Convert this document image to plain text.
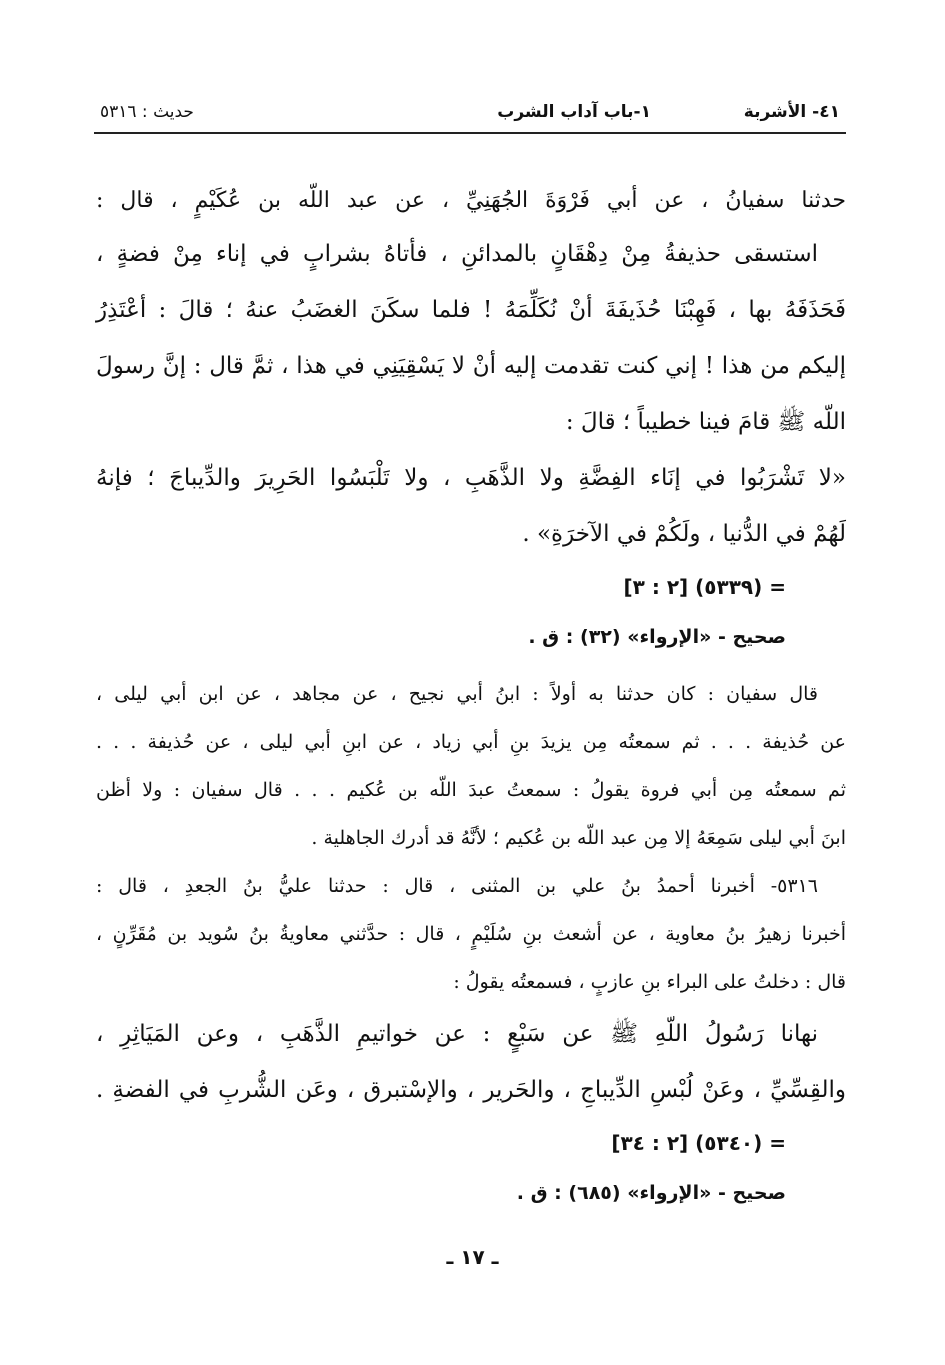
٤١- الأشربة
١-باب آداب الشرب
حديث : ٥٣١٦
حدثنا سفيانُ ، عن أبي فَرْوَةَ الجُهَنِيِّ ، عن عبد اللّه بن عُكَيْمٍ ، قال :
استسقى حذيفةُ مِنْ دِهْقَانٍ بالمدائنِ ، فأتاهُ بشرابٍ في إناء مِنْ فضةٍ ،
فَحَذَفَهُ بها ، فَهِبْنَا حُذَيفَةَ أنْ نُكَلِّمَهُ ! فلما سكَنَ الغضَبُ عنهُ ؛ قالَ : أعْتَذِرُ
إليكم من هذا ! إني كنت تقدمت إليه أنْ لا يَسْقِيَنِي في هذا ، ثمَّ قال : إنَّ رسولَ
اللّه ﷺ قامَ فينا خطيباً ؛ قالَ :
«لا تَشْرَبُوا في إنَاء الفِضَّةِ ولا الذَّهَبِ ، ولا تَلْبَسُوا الحَرِيرَ والدِّيباجَ ؛ فإنهُ
لَهُمْ في الدُّنيا ، ولَكُمْ في الآخرَةِ» .
= (٥٣٣٩) [٢ : ٣]
صحيح - «الإرواء» (٣٢) : ق .
قال سفيان : كان حدثنا به أولاً : ابنُ أبي نجيح ، عن مجاهد ، عن ابن أبي ليلى ،
عن حُذيفة . . . ثم سمعتُه مِن يزيدَ بنِ أبي زياد ، عن ابنِ أبي ليلى ، عن حُذيفة . . .
ثم سمعتُه مِن أبي فروة يقولُ : سمعتُ عبدَ اللّه بن عُكيم . . . قال سفيان : ولا أظن
ابنَ أبي ليلى سَمِعَهُ إلا مِن عبد اللّه بن عُكيم ؛ لأنَّهُ قد أدرك الجاهلية .
٥٣١٦- أخبرنا أحمدُ بنُ علي بن المثنى ، قال : حدثنا عليُّ بنُ الجعدِ ، قال :
أخبرنا زهيرُ بنُ معاوية ، عن أشعث بنِ سُلَيْمٍ ، قال : حدَّثني معاويةُ بنُ سُويد بن مُقَرِّنٍ ،
قال : دخلتُ على البراء بنِ عازبٍ ، فسمعتُه يقولُ :
نهانا رَسُولُ اللّهِ ﷺ عن سَبْعٍ : عن خواتيمِ الذَّهَبِ ، وعن المَيَاثِرِ ،
والقِسِّيِّ ، وعَنْ لُبْسِ الدِّيباجِ ، والحَرير ، والإسْتبرق ، وعَن الشُّربِ في الفضةِ .
= (٥٣٤٠) [٢ : ٣٤]
صحيح - «الإرواء» (٦٨٥) : ق .
ـ ١٧ ـ
